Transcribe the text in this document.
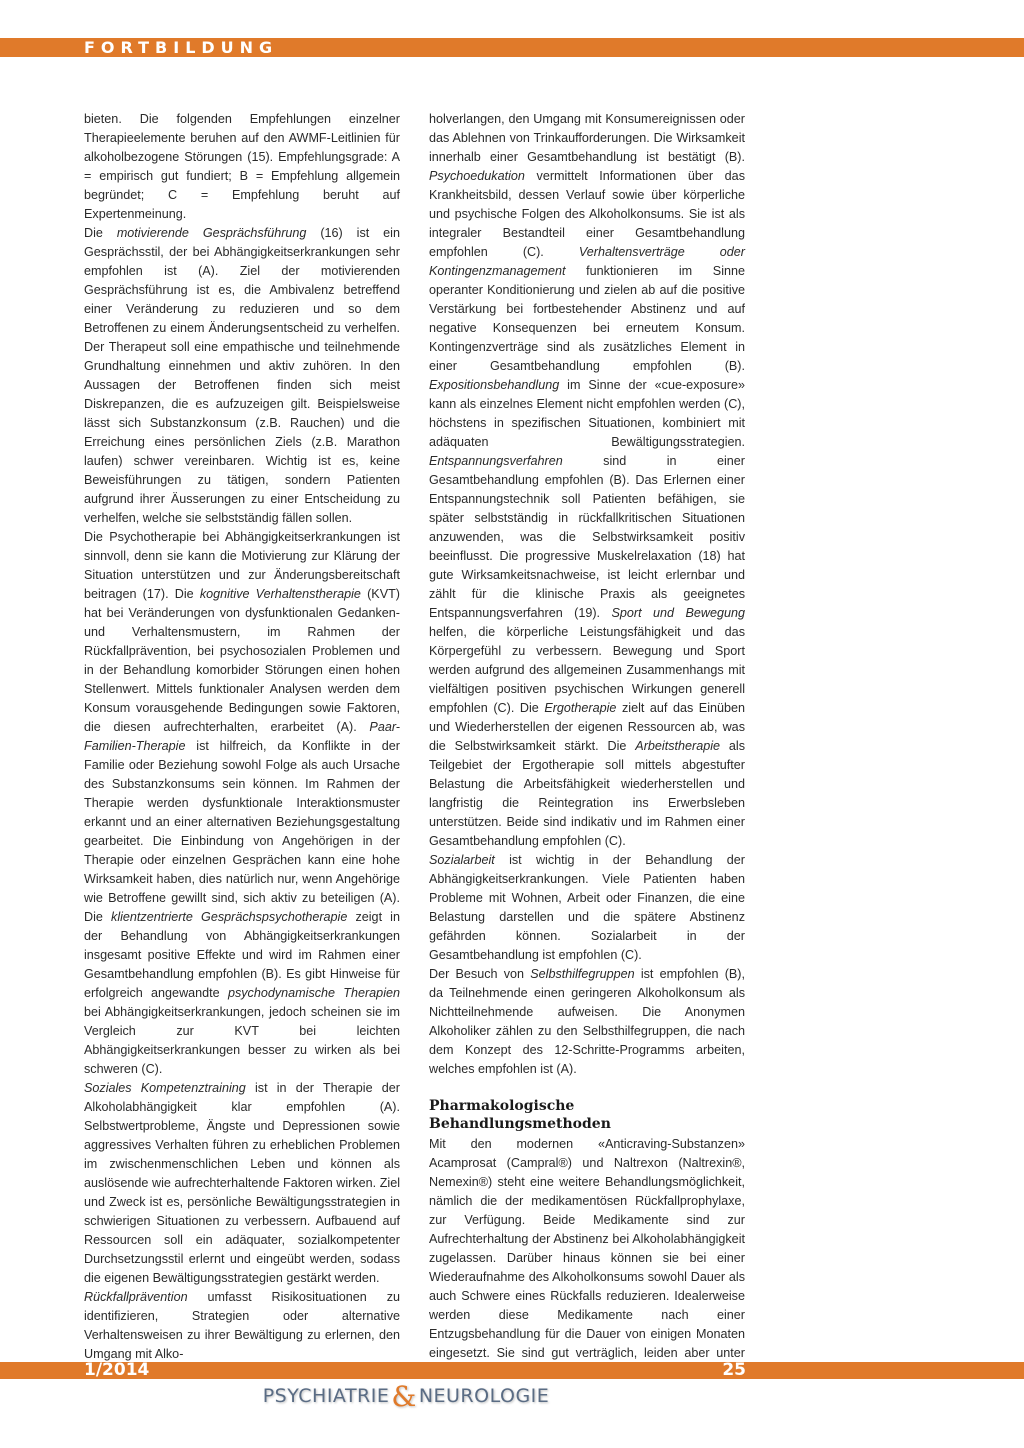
FORTBILDUNG

bieten. Die folgenden Empfehlungen einzelner Therapieelemente beruhen auf den AWMF-Leitlinien für alkoholbezogene Störungen (15). Empfehlungsgrade: A = empirisch gut fundiert; B = Empfehlung allgemein begründet; C = Empfehlung beruht auf Expertenmeinung.

Die motivierende Gesprächsführung (16) ist ein Gesprächsstil, der bei Abhängigkeitserkrankungen sehr empfohlen ist (A). Ziel der motivierenden Gesprächsführung ist es, die Ambivalenz betreffend einer Veränderung zu reduzieren und so dem Betroffenen zu einem Änderungsentscheid zu verhelfen. Der Therapeut soll eine empathische und teilnehmende Grundhaltung einnehmen und aktiv zuhören. In den Aussagen der Betroffenen finden sich meist Diskrepanzen, die es aufzuzeigen gilt. Beispielsweise lässt sich Substanzkonsum (z.B. Rauchen) und die Erreichung eines persönlichen Ziels (z.B. Marathon laufen) schwer vereinbaren. Wichtig ist es, keine Beweisführungen zu tätigen, sondern Patienten aufgrund ihrer Äusserungen zu einer Entscheidung zu verhelfen, welche sie selbstständig fällen sollen.

Die Psychotherapie bei Abhängigkeitserkrankungen ist sinnvoll, denn sie kann die Motivierung zur Klärung der Situation unterstützen und zur Änderungsbereitschaft beitragen (17). Die kognitive Verhaltenstherapie (KVT) hat bei Veränderungen von dysfunktionalen Gedanken- und Verhaltensmustern, im Rahmen der Rückfallprävention, bei psychosozialen Problemen und in der Behandlung komorbider Störungen einen hohen Stellenwert. Mittels funktionaler Analysen werden dem Konsum vorausgehende Bedingungen sowie Faktoren, die diesen aufrechterhalten, erarbeitet (A). Paar-Familien-Therapie ist hilfreich, da Konflikte in der Familie oder Beziehung sowohl Folge als auch Ursache des Substanzkonsums sein können. Im Rahmen der Therapie werden dysfunktionale Interaktionsmuster erkannt und an einer alternativen Beziehungsgestaltung gearbeitet. Die Einbindung von Angehörigen in der Therapie oder einzelnen Gesprächen kann eine hohe Wirksamkeit haben, dies natürlich nur, wenn Angehörige wie Betroffene gewillt sind, sich aktiv zu beteiligen (A). Die klientzentrierte Gesprächspsychotherapie zeigt in der Behandlung von Abhängigkeitserkrankungen insgesamt positive Effekte und wird im Rahmen einer Gesamtbehandlung empfohlen (B). Es gibt Hinweise für erfolgreich angewandte psychodynamische Therapien bei Abhängigkeitserkrankungen, jedoch scheinen sie im Vergleich zur KVT bei leichten Abhängigkeitserkrankungen besser zu wirken als bei schweren (C).

Soziales Kompetenztraining ist in der Therapie der Alkoholabhängigkeit klar empfohlen (A). Selbstwertprobleme, Ängste und Depressionen sowie aggressives Verhalten führen zu erheblichen Problemen im zwischenmenschlichen Leben und können als auslösende wie aufrechterhaltende Faktoren wirken. Ziel und Zweck ist es, persönliche Bewältigungsstrategien in schwierigen Situationen zu verbessern. Aufbauend auf Ressourcen soll ein adäquater, sozialkompetenter Durchsetzungsstil erlernt und eingeübt werden, sodass die eigenen Bewältigungsstrategien gestärkt werden.

Rückfallprävention umfasst Risikosituationen zu identifizieren, Strategien oder alternative Verhaltensweisen zu ihrer Bewältigung zu erlernen, den Umgang mit Alko-

holverlangen, den Umgang mit Konsumereignissen oder das Ablehnen von Trinkaufforderungen. Die Wirksamkeit innerhalb einer Gesamtbehandlung ist bestätigt (B). Psychoedukation vermittelt Informationen über das Krankheitsbild, dessen Verlauf sowie über körperliche und psychische Folgen des Alkoholkonsums. Sie ist als integraler Bestandteil einer Gesamtbehandlung empfohlen (C). Verhaltensverträge oder Kontingenzmanagement funktionieren im Sinne operanter Konditionierung und zielen ab auf die positive Verstärkung bei fortbestehender Abstinenz und auf negative Konsequenzen bei erneutem Konsum. Kontingenzverträge sind als zusätzliches Element in einer Gesamtbehandlung empfohlen (B). Expositionsbehandlung im Sinne der «cue-exposure» kann als einzelnes Element nicht empfohlen werden (C), höchstens in spezifischen Situationen, kombiniert mit adäquaten Bewältigungsstrategien. Entspannungsverfahren sind in einer Gesamtbehandlung empfohlen (B). Das Erlernen einer Entspannungstechnik soll Patienten befähigen, sie später selbstständig in rückfallkritischen Situationen anzuwenden, was die Selbstwirksamkeit positiv beeinflusst. Die progressive Muskelrelaxation (18) hat gute Wirksamkeitsnachweise, ist leicht erlernbar und zählt für die klinische Praxis als geeignetes Entspannungsverfahren (19). Sport und Bewegung helfen, die körperliche Leistungsfähigkeit und das Körpergefühl zu verbessern. Bewegung und Sport werden aufgrund des allgemeinen Zusammenhangs mit vielfältigen positiven psychischen Wirkungen generell empfohlen (C). Die Ergotherapie zielt auf das Einüben und Wiederherstellen der eigenen Ressourcen ab, was die Selbstwirksamkeit stärkt. Die Arbeitstherapie als Teilgebiet der Ergotherapie soll mittels abgestufter Belastung die Arbeitsfähigkeit wiederherstellen und langfristig die Reintegration ins Erwerbsleben unterstützen. Beide sind indikativ und im Rahmen einer Gesamtbehandlung empfohlen (C).

Sozialarbeit ist wichtig in der Behandlung der Abhängigkeitserkrankungen. Viele Patienten haben Probleme mit Wohnen, Arbeit oder Finanzen, die eine Belastung darstellen und die spätere Abstinenz gefährden können. Sozialarbeit in der Gesamtbehandlung ist empfohlen (C).

Der Besuch von Selbsthilfegruppen ist empfohlen (B), da Teilnehmende einen geringeren Alkoholkonsum als Nichtteilnehmende aufweisen. Die Anonymen Alkoholiker zählen zu den Selbsthilfegruppen, die nach dem Konzept des 12-Schritte-Programms arbeiten, welches empfohlen ist (A).

Pharmakologische
Behandlungsmethoden

Mit den modernen «Anticraving-Substanzen» Acamprosat (Campral®) und Naltrexon (Naltrexin®, Nemexin®) steht eine weitere Behandlungsmöglichkeit, nämlich die der medikamentösen Rückfallprophylaxe, zur Verfügung. Beide Medikamente sind zur Aufrechterhaltung der Abstinenz bei Alkoholabhängigkeit zugelassen. Darüber hinaus können sie bei einer Wiederaufnahme des Alkoholkonsums sowohl Dauer als auch Schwere eines Rückfalls reduzieren. Idealerweise werden diese Medikamente nach einer Entzugsbehandlung für die Dauer von einigen Monaten eingesetzt. Sie sind gut verträglich, leiden aber unter

1/2014	25
PSYCHIATRIE& NEUROLOGIE
